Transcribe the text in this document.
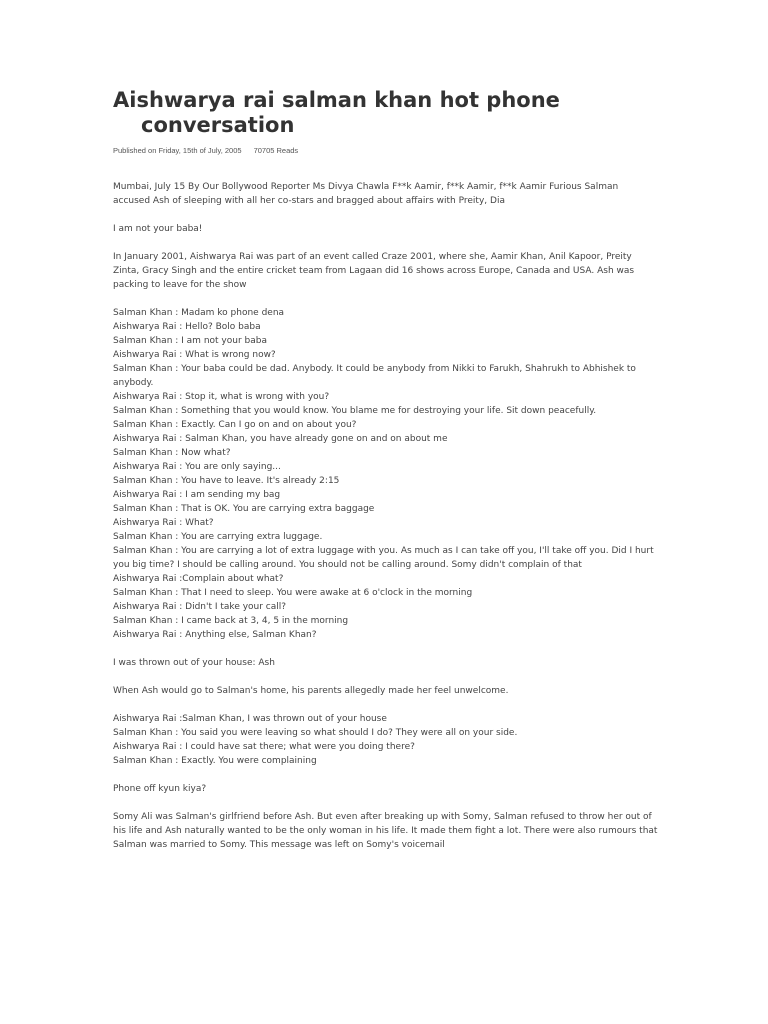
Aishwarya rai salman khan hot phone
conversation
Published on Friday, 15th of July, 2005 70705 Reads

Mumbai, July 15 By Our Bollywood Reporter Ms Divya Chawla F**k Aamir, f**k Aamir, f**k Aamir Furious Salman accused Ash of sleeping with all her co-stars and bragged about affairs with Preity, Dia

I am not your baba!

In January 2001, Aishwarya Rai was part of an event called Craze 2001, where she, Aamir Khan, Anil Kapoor, Preity Zinta, Gracy Singh and the entire cricket team from Lagaan did 16 shows across Europe, Canada and USA. Ash was packing to leave for the show

Salman Khan : Madam ko phone dena
Aishwarya Rai : Hello? Bolo baba
Salman Khan : I am not your baba
Aishwarya Rai : What is wrong now?
Salman Khan : Your baba could be dad. Anybody. It could be anybody from Nikki to Farukh, Shahrukh to Abhishek to anybody.
Aishwarya Rai : Stop it, what is wrong with you?
Salman Khan : Something that you would know. You blame me for destroying your life. Sit down peacefully.
Salman Khan : Exactly. Can I go on and on about you?
Aishwarya Rai : Salman Khan, you have already gone on and on about me
Salman Khan : Now what?
Aishwarya Rai : You are only saying...
Salman Khan : You have to leave. It's already 2:15
Aishwarya Rai : I am sending my bag
Salman Khan : That is OK. You are carrying extra baggage
Aishwarya Rai : What?
Salman Khan : You are carrying extra luggage.
Salman Khan : You are carrying a lot of extra luggage with you. As much as I can take off you, I'll take off you. Did I hurt you big time? I should be calling around. You should not be calling around. Somy didn't complain of that
Aishwarya Rai :Complain about what?
Salman Khan : That I need to sleep. You were awake at 6 o'clock in the morning
Aishwarya Rai : Didn't I take your call?
Salman Khan : I came back at 3, 4, 5 in the morning
Aishwarya Rai : Anything else, Salman Khan?

I was thrown out of your house: Ash

When Ash would go to Salman's home, his parents allegedly made her feel unwelcome.

Aishwarya Rai :Salman Khan, I was thrown out of your house
Salman Khan : You said you were leaving so what should I do? They were all on your side.
Aishwarya Rai : I could have sat there; what were you doing there?
Salman Khan : Exactly. You were complaining

Phone off kyun kiya?

Somy Ali was Salman's girlfriend before Ash. But even after breaking up with Somy, Salman refused to throw her out of his life and Ash naturally wanted to be the only woman in his life. It made them fight a lot. There were also rumours that Salman was married to Somy. This message was left on Somy's voicemail
